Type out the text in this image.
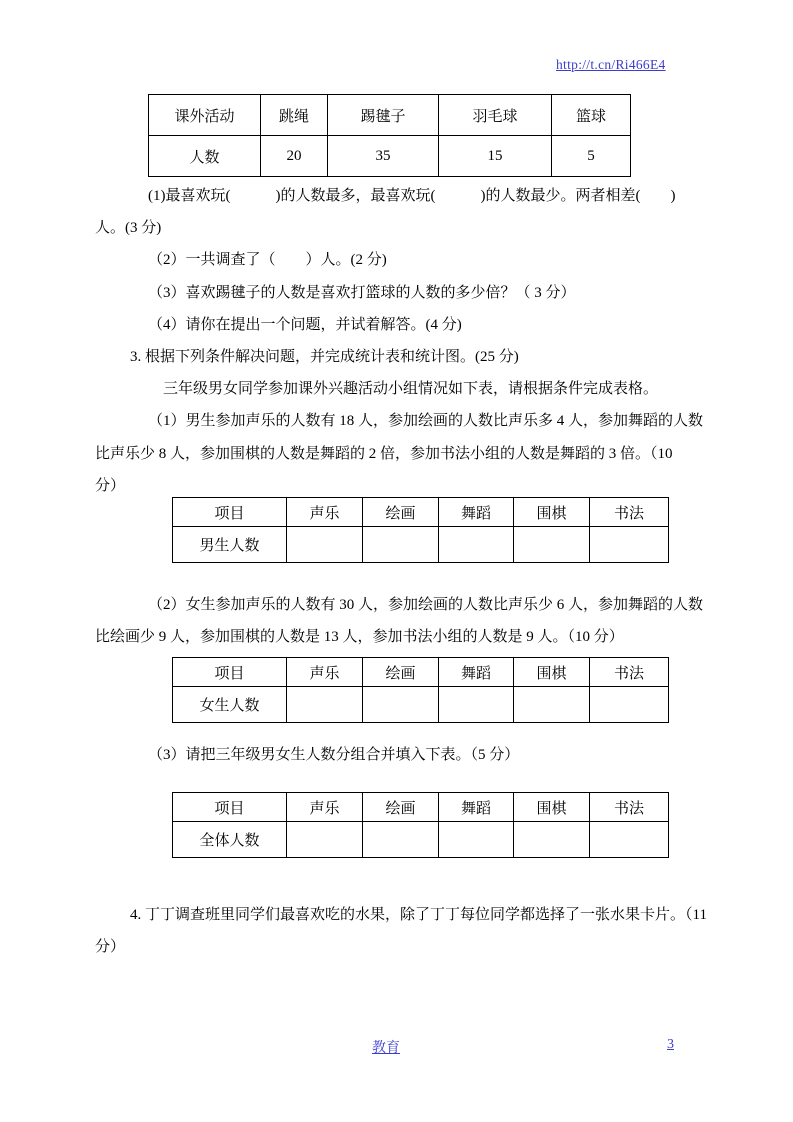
http://t.cn/Ri466E4
课外活动	跳绳	踢毽子	羽毛球	篮球
人数	20	35	15	5
(1)最喜欢玩(　　　)的人数最多，最喜欢玩(　　　)的人数最少。两者相差(　　)
人。(3 分)
（2）一共调查了（　　）人。(2 分)
（3）喜欢踢毽子的人数是喜欢打篮球的人数的多少倍？（ 3 分）
（4）请你在提出一个问题，并试着解答。(4 分)
3. 根据下列条件解决问题，并完成统计表和统计图。(25 分)
三年级男女同学参加课外兴趣活动小组情况如下表，请根据条件完成表格。
（1）男生参加声乐的人数有 18 人，参加绘画的人数比声乐多 4 人，参加舞蹈的人数
比声乐少 8 人，参加围棋的人数是舞蹈的 2 倍，参加书法小组的人数是舞蹈的 3 倍。（10
分）
项目	声乐	绘画	舞蹈	围棋	书法
男生人数					
（2）女生参加声乐的人数有 30 人，参加绘画的人数比声乐少 6 人，参加舞蹈的人数
比绘画少 9 人，参加围棋的人数是 13 人，参加书法小组的人数是 9 人。（10 分）
项目	声乐	绘画	舞蹈	围棋	书法
女生人数					
（3）请把三年级男女生人数分组合并填入下表。（5 分）
项目	声乐	绘画	舞蹈	围棋	书法
全体人数					
4. 丁丁调查班里同学们最喜欢吃的水果，除了丁丁每位同学都选择了一张水果卡片。（11
分）
教育	3
